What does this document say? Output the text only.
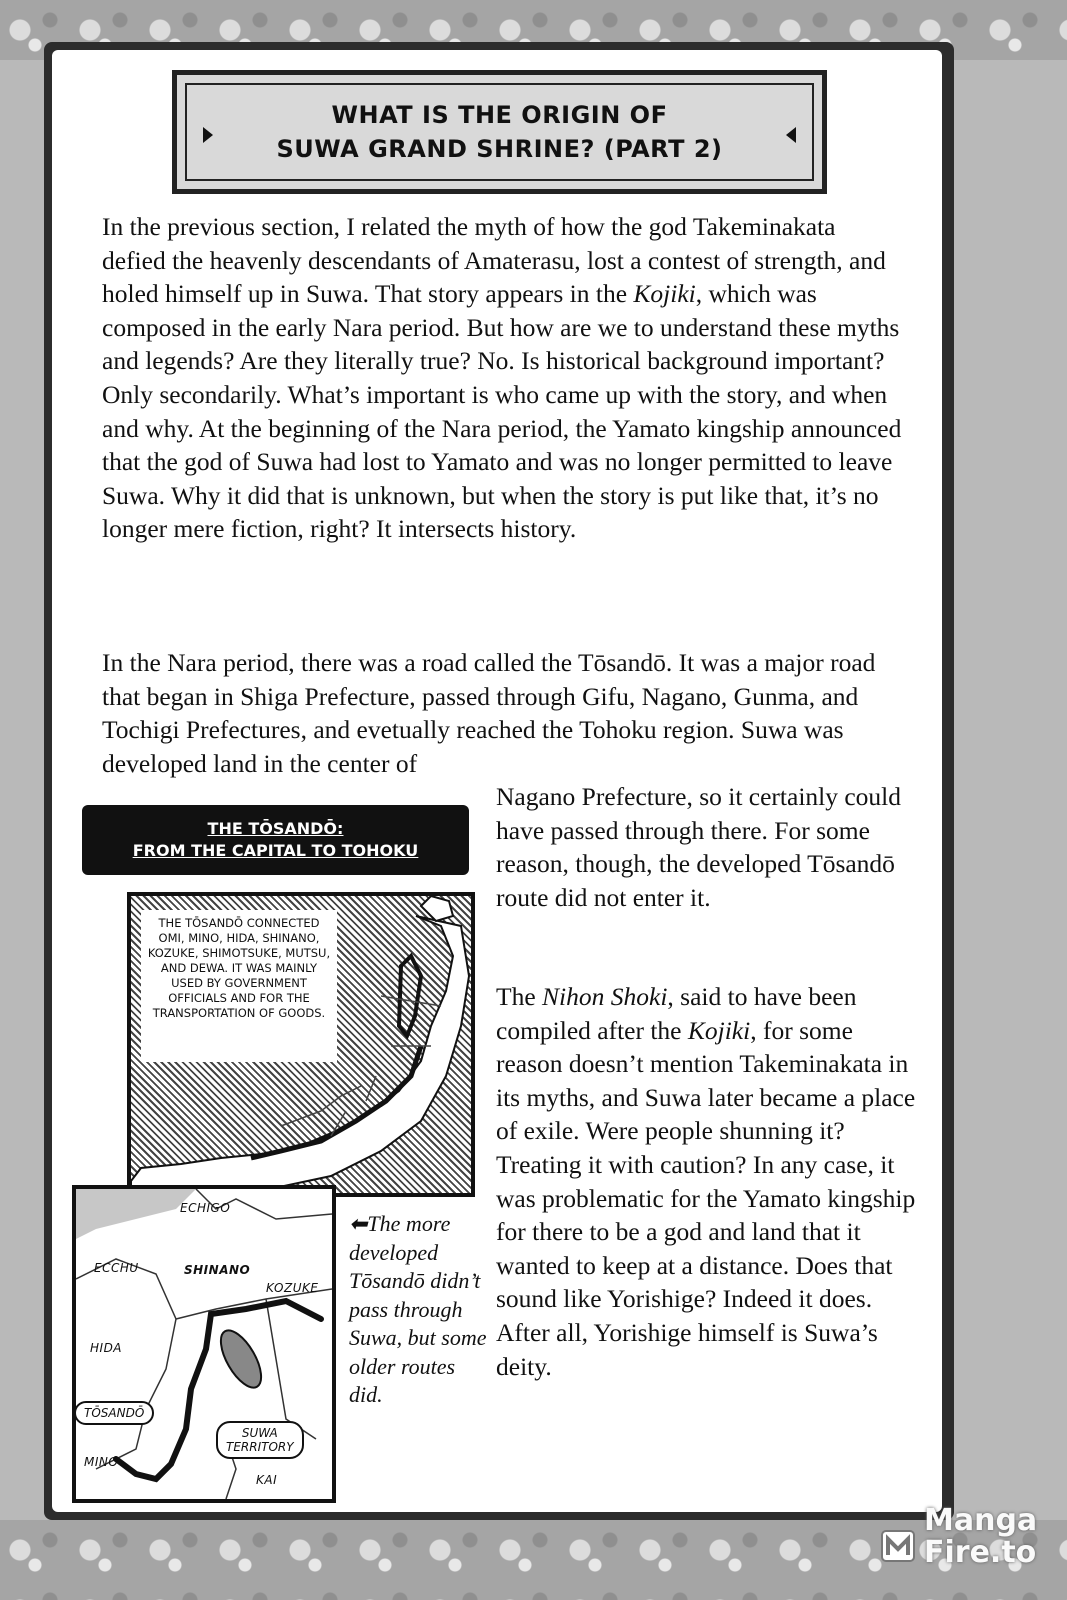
WHAT IS THE ORIGIN OF
SUWA GRAND SHRINE? (PART 2)

In the previous section, I related the myth of how the god Takeminakata defied the heavenly descendants of Amaterasu, lost a contest of strength, and holed himself up in Suwa. That story appears in the Kojiki, which was composed in the early Nara period. But how are we to understand these myths and legends? Are they literally true? No. Is historical background important? Only secondarily. What’s important is who came up with the story, and when and why. At the beginning of the Nara period, the Yamato kingship announced that the god of Suwa had lost to Yamato and was no longer permitted to leave Suwa. Why it did that is unknown, but when the story is put like that, it’s no longer mere fiction, right? It intersects history.

In the Nara period, there was a road called the Tōsandō. It was a major road that began in Shiga Prefecture, passed through Gifu, Nagano, Gunma, and Tochigi Prefectures, and evetually reached the Tohoku region. Suwa was developed land in the center of

Nagano Prefecture, so it certainly could have passed through there. For some reason, though, the developed Tōsandō route did not enter it.

The Nihon Shoki, said to have been compiled after the Kojiki, for some reason doesn’t mention Takeminakata in its myths, and Suwa later became a place of exile. Were people shunning it? Treating it with caution? In any case, it was problematic for the Yamato kingship for there to be a god and land that it wanted to keep at a distance. Does that sound like Yorishige? Indeed it does. After all, Yorishige himself is Suwa’s deity.

THE TŌSANDŌ:
FROM THE CAPITAL TO TOHOKU
THE TŌSANDŌ CONNECTED OMI, MINO, HIDA, SHINANO, KOZUKE, SHIMOTSUKE, MUTSU, AND DEWA. IT WAS MAINLY USED BY GOVERNMENT OFFICIALS AND FOR THE TRANSPORTATION OF GOODS.
ECHIGO
ECCHU	SHINANO
KOZUKE
HIDA
MINO
KAI
TŌSANDŌ
SUWA
TERRITORY

⬅The more developed Tōsandō didn’t pass through Suwa, but some older routes did.

Manga
Fire.to
